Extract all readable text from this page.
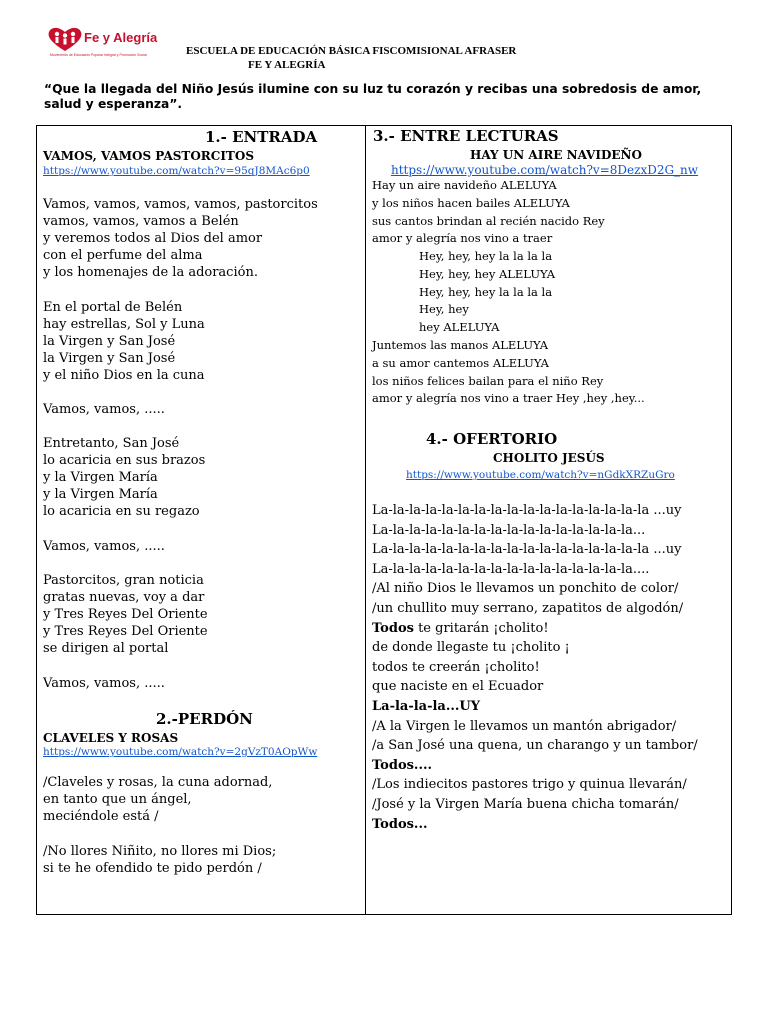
Fe y Alegría
Movimiento de Educación Popular Integral y Promoción Social	ESCUELA DE EDUCACIÓN BÁSICA FISCOMISIONAL AFRASER
FE Y ALEGRÍA
“Que la llegada del Niño Jesús ilumine con su luz tu corazón y recibas una sobredosis de amor, salud y esperanza”.
1.- ENTRADA
VAMOS, VAMOS PASTORCITOS
https://www.youtube.com/watch?v=95qJ8MAc6p0
Vamos, vamos, vamos, vamos, pastorcitos
vamos, vamos, vamos a Belén
y veremos todos al Dios del amor
con el perfume del alma
y los homenajes de la adoración.
En el portal de Belén
hay estrellas, Sol y Luna
la Virgen y San José
la Virgen y San José
y el niño Dios en la cuna
Vamos, vamos, .....
Entretanto, San José
lo acaricia en sus brazos
y la Virgen María
y la Virgen María
lo acaricia en su regazo
Vamos, vamos, .....
Pastorcitos, gran noticia
gratas nuevas, voy a dar
y Tres Reyes Del Oriente
y Tres Reyes Del Oriente
se dirigen al portal
Vamos, vamos, .....
2.-PERDÓN
CLAVELES Y ROSAS
https://www.youtube.com/watch?v=2gVzT0AOpWw
/Claveles y rosas, la cuna adornad,
en tanto que un ángel,
meciéndole está /
/No llores Niñito, no llores mi Dios;
si te he ofendido te pido perdón /
3.- ENTRE LECTURAS
HAY UN AIRE NAVIDEÑO
https://www.youtube.com/watch?v=8DezxD2G_nw
Hay un aire navideño ALELUYA
y los niños hacen bailes ALELUYA
sus cantos brindan al recién nacido Rey
amor y alegría nos vino a traer
Hey, hey, hey la la la la
Hey, hey, hey ALELUYA
Hey, hey, hey la la la la
Hey, hey
hey ALELUYA
Juntemos las manos ALELUYA
a su amor cantemos ALELUYA
los niños felices bailan para el niño Rey
amor y alegría nos vino a traer Hey ,hey ,hey...
4.- OFERTORIO
CHOLITO JESÚS
https://www.youtube.com/watch?v=nGdkXRZuGro
La-la-la-la-la-la-la-la-la-la-la-la-la-la-la-la-la ...uy
La-la-la-la-la-la-la-la-la-la-la-la-la-la-la-la...
La-la-la-la-la-la-la-la-la-la-la-la-la-la-la-la-la ...uy
La-la-la-la-la-la-la-la-la-la-la-la-la-la-la-la....
/Al niño Dios le llevamos un ponchito de color/
/un chullito muy serrano, zapatitos de algodón/
Todos te gritarán ¡cholito!
de donde llegaste tu ¡cholito ¡
todos te creerán ¡cholito!
que naciste en el Ecuador
La-la-la-la...UY
/A la Virgen le llevamos un mantón abrigador/
/a San José una quena, un charango y un tambor/
Todos....
/Los indiecitos pastores trigo y quinua llevarán/
/José y la Virgen María buena chicha tomarán/
Todos...
